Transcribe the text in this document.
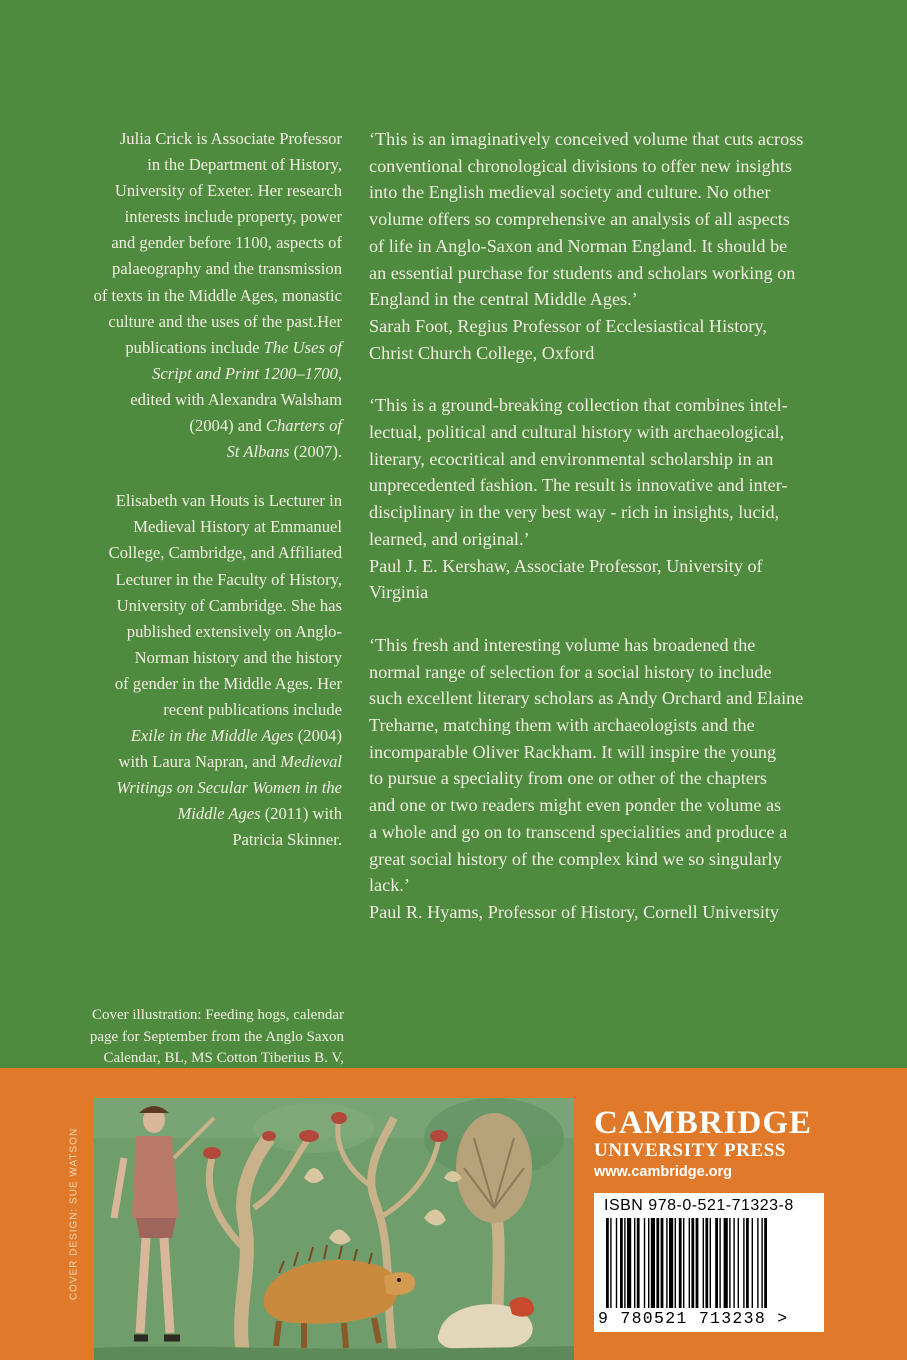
Julia Crick is Associate Professor
in the Department of History,
University of Exeter. Her research
interests include property, power
and gender before 1100, aspects of
palaeography and the transmission
of texts in the Middle Ages, monastic
culture and the uses of the past.Her
publications include The Uses of
Script and Print 1200–1700,
edited with Alexandra Walsham
(2004) and Charters of
St Albans (2007).

Elisabeth van Houts is Lecturer in
Medieval History at Emmanuel
College, Cambridge, and Affiliated
Lecturer in the Faculty of History,
University of Cambridge. She has
published extensively on Anglo-
Norman history and the history
of gender in the Middle Ages. Her
recent publications include
Exile in the Middle Ages (2004)
with Laura Napran, and Medieval
Writings on Secular Women in the
Middle Ages (2011) with
Patricia Skinner.

Cover illustration: Feeding hogs, calendar
page for September from the Anglo Saxon
Calendar, BL, MS Cotton Tiberius B. V,

‘This is an imaginatively conceived volume that cuts across
conventional chronological divisions to offer new insights
into the English medieval society and culture. No other
volume offers so comprehensive an analysis of all aspects
of life in Anglo-Saxon and Norman England. It should be
an essential purchase for students and scholars working on
England in the central Middle Ages.’
Sarah Foot, Regius Professor of Ecclesiastical History,
Christ Church College, Oxford

‘This is a ground-breaking collection that combines intel-
lectual, political and cultural history with archaeological,
literary, ecocritical and environmental scholarship in an
unprecedented fashion. The result is innovative and inter-
disciplinary in the very best way - rich in insights, lucid,
learned, and original.’
Paul J. E. Kershaw, Associate Professor, University of
Virginia

‘This fresh and interesting volume has broadened the
normal range of selection for a social history to include
such excellent literary scholars as Andy Orchard and Elaine
Treharne, matching them with archaeologists and the
incomparable Oliver Rackham. It will inspire the young
to pursue a speciality from one or other of the chapters
and one or two readers might even ponder the volume as
a whole and go on to transcend specialities and produce a
great social history of the complex kind we so singularly
lack.’
Paul R. Hyams, Professor of History, Cornell University

COVER DESIGN: SUE WATSON
CAMBRIDGE
UNIVERSITY PRESS
www.cambridge.org
ISBN 978-0-521-71323-8
9 780521 713238 >
